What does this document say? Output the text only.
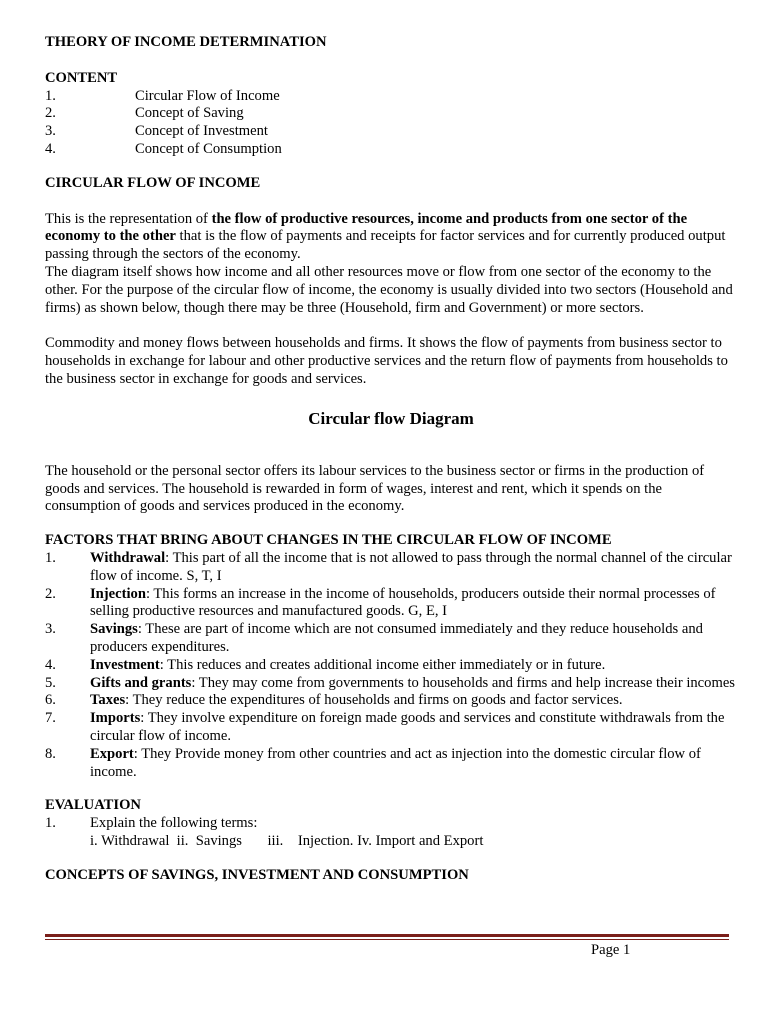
THEORY OF INCOME DETERMINATION

CONTENT

1.	Circular Flow of Income
2.	Concept of Saving
3.	Concept of Investment
4.	Concept of Consumption

CIRCULAR FLOW OF INCOME

This is the representation of the flow of productive resources, income and products from one sector of the economy to the other that is the flow of payments and receipts for factor services and for currently produced output passing through the sectors of the economy.

The diagram itself shows how income and all other resources move or flow from one sector of the economy to the other. For the purpose of the circular flow of income, the economy is usually divided into two sectors (Household and firms) as shown below, though there may be three (Household, firm and Government) or more sectors.

Commodity and money flows between households and firms. It shows the flow of payments from business sector to households in exchange for labour and other productive services and the return flow of payments from households to the business sector in exchange for goods and services.

Circular flow Diagram

The household or the personal sector offers its labour services to the business sector or firms in the production of goods and services. The household is rewarded in form of wages, interest and rent, which it spends on the consumption of goods and services produced in the economy.

FACTORS THAT BRING ABOUT CHANGES IN THE CIRCULAR FLOW OF INCOME

1.	Withdrawal: This part of all the income that is not allowed to pass through the normal channel of the circular flow of income. S, T, I
2.	Injection: This forms an increase in the income of households, producers outside their normal processes of selling productive resources and manufactured goods. G, E, I
3.	Savings: These are part of income which are not consumed immediately and they reduce households and producers expenditures.
4.	Investment: This reduces and creates additional income either immediately or in future.
5.	Gifts and grants: They may come from governments to households and firms and help increase their incomes
6.	Taxes: They reduce the expenditures of households and firms on goods and factor services.
7.	Imports: They involve expenditure on foreign made goods and services and constitute withdrawals from the circular flow of income.
8.	Export: They Provide money from other countries and act as injection into the domestic circular flow of income.

EVALUATION

1.	Explain the following terms:
i. Withdrawal  ii.  Savings       iii.    Injection. Iv. Import and Export

CONCEPTS OF SAVINGS, INVESTMENT AND CONSUMPTION

Page 1
